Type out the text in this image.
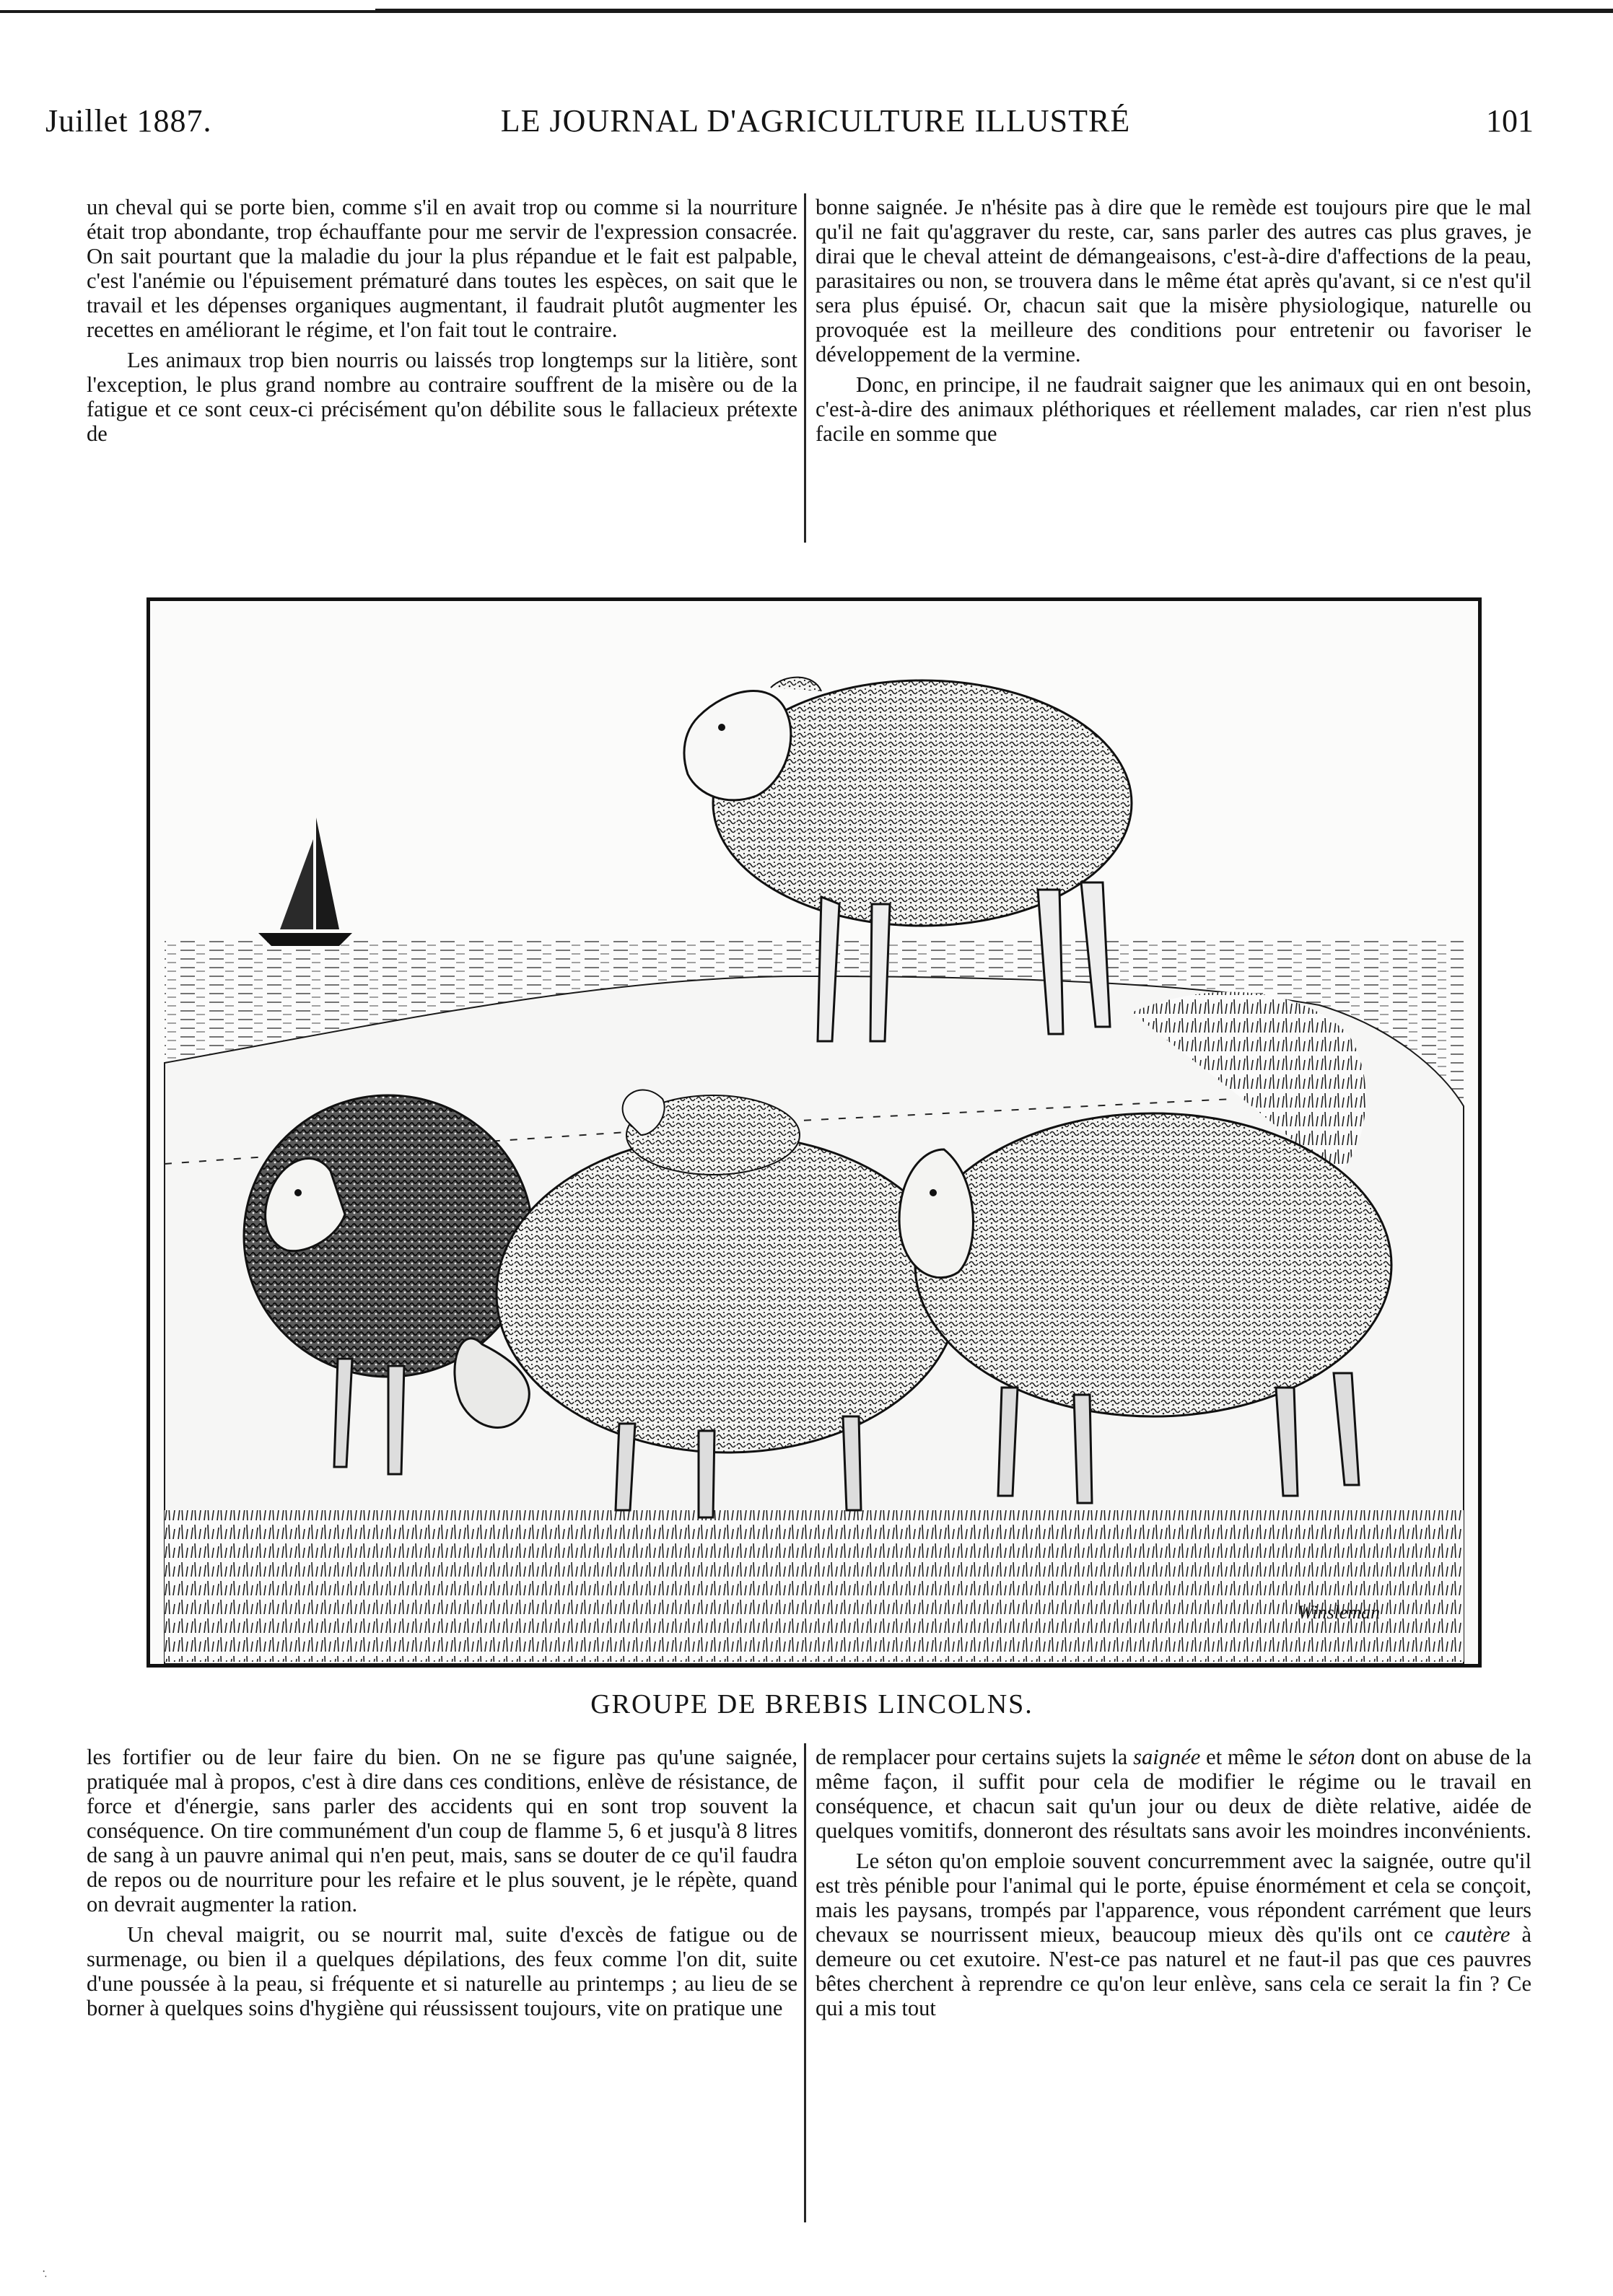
Juillet 1887.	LE JOURNAL D'AGRICULTURE ILLUSTRÉ	101

un cheval qui se porte bien, comme s'il en avait trop ou comme si la nourriture était trop abondante, trop échauffante pour me servir de l'expression consacrée. On sait pourtant que la maladie du jour la plus répandue et le fait est palpable, c'est l'anémie ou l'épuisement prématuré dans toutes les espèces, on sait que le travail et les dépenses organiques augmentant, il faudrait plutôt augmenter les recettes en améliorant le régime, et l'on fait tout le contraire.

Les animaux trop bien nourris ou laissés trop longtemps sur la litière, sont l'exception, le plus grand nombre au contraire souffrent de la misère ou de la fatigue et ce sont ceux-ci précisément qu'on débilite sous le fallacieux prétexte de

bonne saignée. Je n'hésite pas à dire que le remède est toujours pire que le mal qu'il ne fait qu'aggraver du reste, car, sans parler des autres cas plus graves, je dirai que le cheval atteint de démangeaisons, c'est-à-dire d'affections de la peau, parasitaires ou non, se trouvera dans le même état après qu'avant, si ce n'est qu'il sera plus épuisé. Or, chacun sait que la misère physiologique, naturelle ou provoquée est la meilleure des conditions pour entretenir ou favoriser le développement de la vermine.

Donc, en principe, il ne faudrait saigner que les animaux qui en ont besoin, c'est-à-dire des animaux pléthoriques et réellement malades, car rien n'est plus facile en somme que

Winsleman
GROUPE DE BREBIS LINCOLNS.

les fortifier ou de leur faire du bien. On ne se figure pas qu'une saignée, pratiquée mal à propos, c'est à dire dans ces conditions, enlève de résistance, de force et d'énergie, sans parler des accidents qui en sont trop souvent la conséquence. On tire communément d'un coup de flamme 5, 6 et jusqu'à 8 litres de sang à un pauvre animal qui n'en peut, mais, sans se douter de ce qu'il faudra de repos ou de nourriture pour les refaire et le plus souvent, je le répète, quand on devrait augmenter la ration.

Un cheval maigrit, ou se nourrit mal, suite d'excès de fatigue ou de surmenage, ou bien il a quelques dépilations, des feux comme l'on dit, suite d'une poussée à la peau, si fréquente et si naturelle au printemps ; au lieu de se borner à quelques soins d'hygiène qui réussissent toujours, vite on pratique une

de remplacer pour certains sujets la saignée et même le séton dont on abuse de la même façon, il suffit pour cela de modifier le régime ou le travail en conséquence, et chacun sait qu'un jour ou deux de diète relative, aidée de quelques vomitifs, donneront des résultats sans avoir les moindres inconvénients.

Le séton qu'on emploie souvent concurremment avec la saignée, outre qu'il est très pénible pour l'animal qui le porte, épuise énormément et cela se conçoit, mais les paysans, trompés par l'apparence, vous répondent carrément que leurs chevaux se nourrissent mieux, beaucoup mieux dès qu'ils ont ce cautère à demeure ou cet exutoire. N'est-ce pas naturel et ne faut-il pas que ces pauvres bêtes cherchent à reprendre ce qu'on leur enlève, sans cela ce serait la fin ? Ce qui a mis tout

·̣
